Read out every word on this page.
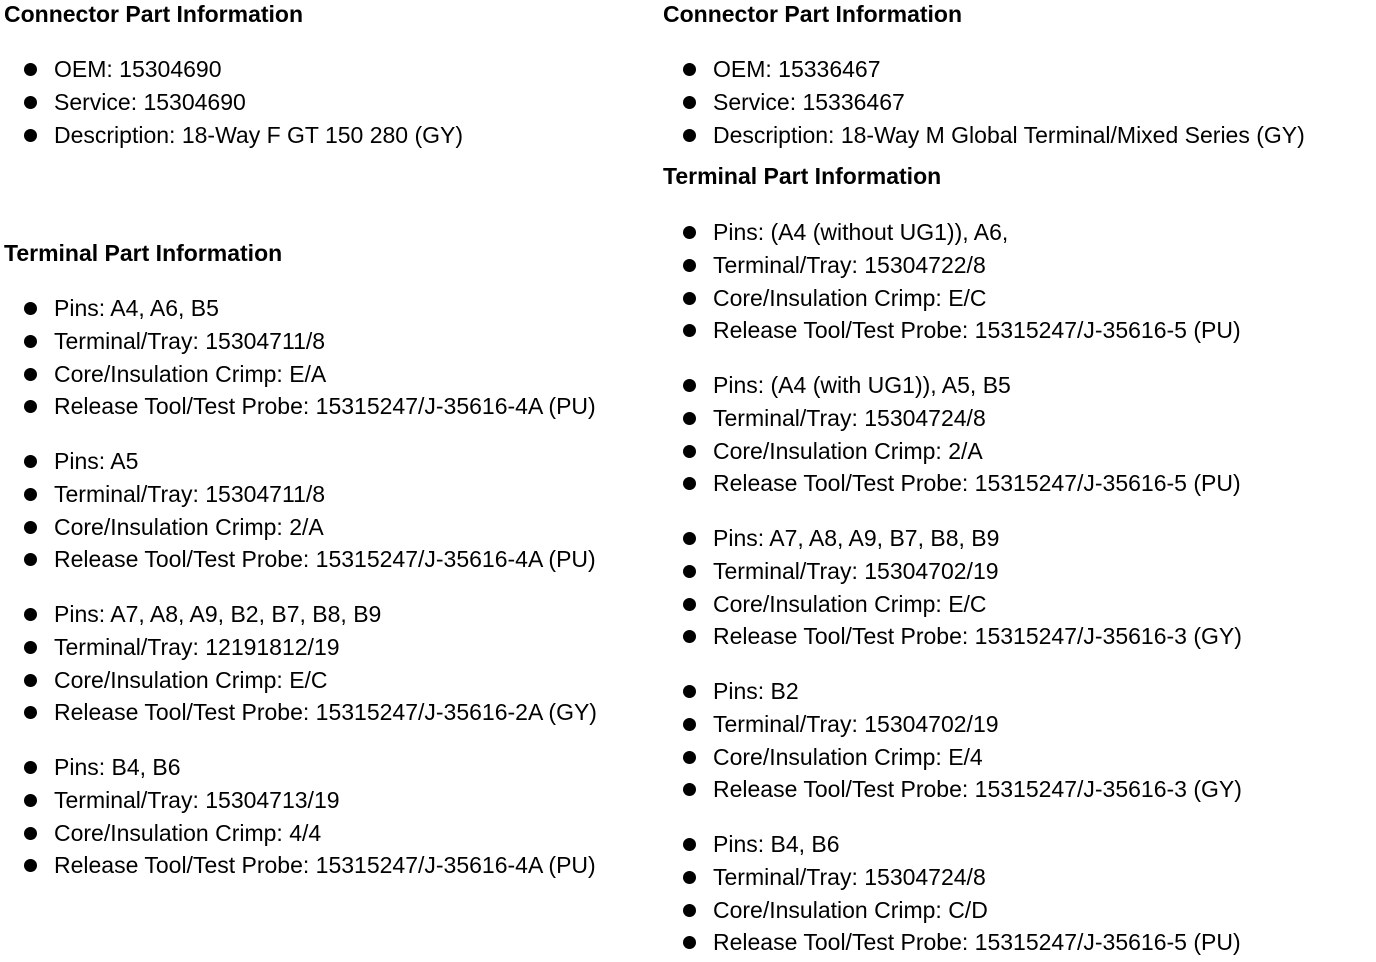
Connector Part Information
OEM: 15304690
Service: 15304690
Description: 18-Way F GT 150 280 (GY)
Terminal Part Information
Pins: A4, A6, B5
Terminal/Tray: 15304711/8
Core/Insulation Crimp: E/A
Release Tool/Test Probe: 15315247/J-35616-4A (PU)
Pins: A5
Terminal/Tray: 15304711/8
Core/Insulation Crimp: 2/A
Release Tool/Test Probe: 15315247/J-35616-4A (PU)
Pins: A7, A8, A9, B2, B7, B8, B9
Terminal/Tray: 12191812/19
Core/Insulation Crimp: E/C
Release Tool/Test Probe: 15315247/J-35616-2A (GY)
Pins: B4, B6
Terminal/Tray: 15304713/19
Core/Insulation Crimp: 4/4
Release Tool/Test Probe: 15315247/J-35616-4A (PU)
Connector Part Information
OEM: 15336467
Service: 15336467
Description: 18-Way M Global Terminal/Mixed Series (GY)
Terminal Part Information
Pins: (A4 (without UG1)), A6,
Terminal/Tray: 15304722/8
Core/Insulation Crimp: E/C
Release Tool/Test Probe: 15315247/J-35616-5 (PU)
Pins: (A4 (with UG1)), A5, B5
Terminal/Tray: 15304724/8
Core/Insulation Crimp: 2/A
Release Tool/Test Probe: 15315247/J-35616-5 (PU)
Pins: A7, A8, A9, B7, B8, B9
Terminal/Tray: 15304702/19
Core/Insulation Crimp: E/C
Release Tool/Test Probe: 15315247/J-35616-3 (GY)
Pins: B2
Terminal/Tray: 15304702/19
Core/Insulation Crimp: E/4
Release Tool/Test Probe: 15315247/J-35616-3 (GY)
Pins: B4, B6
Terminal/Tray: 15304724/8
Core/Insulation Crimp: C/D
Release Tool/Test Probe: 15315247/J-35616-5 (PU)
